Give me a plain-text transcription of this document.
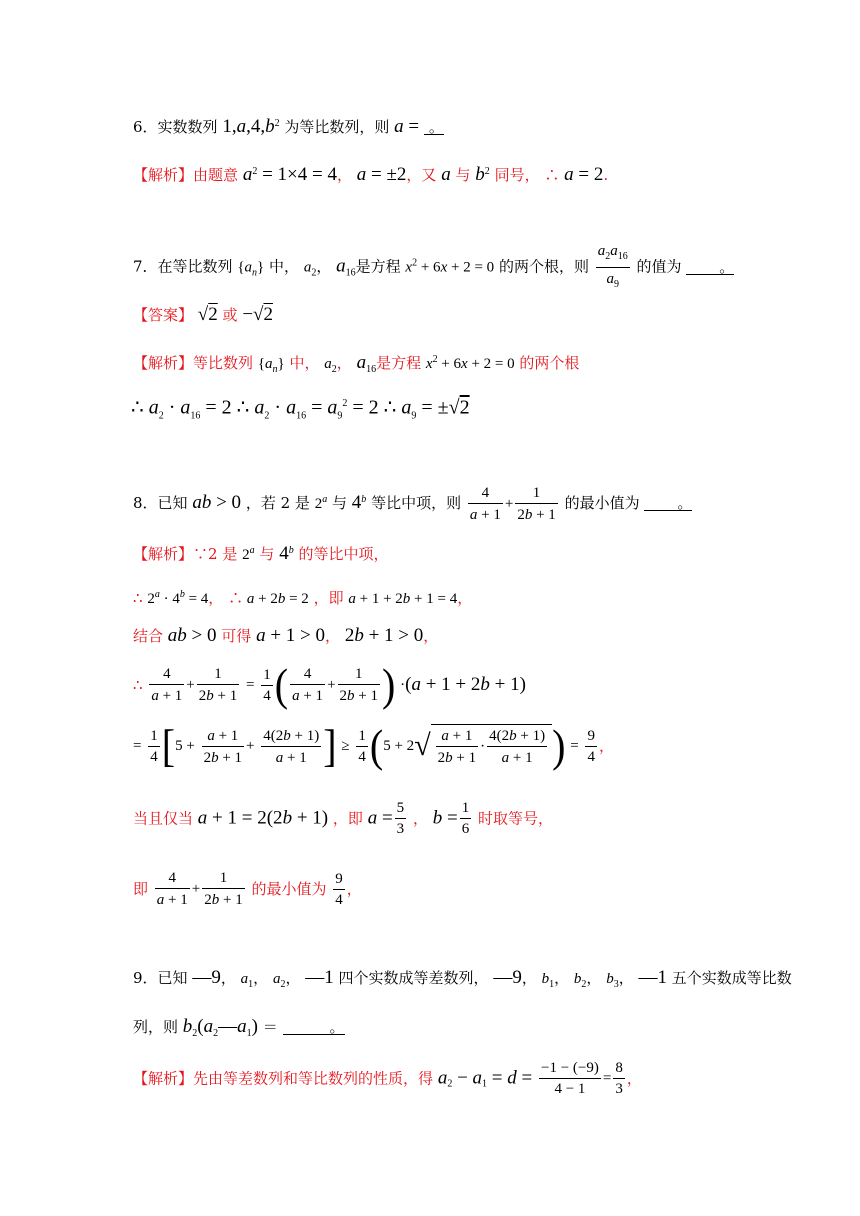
6．实数数列 $1,a,4,b^2$ 为等比数列，则 a = 。
【解析】由题意 $a^2 = 1\times 4 = 4$， a = ±2，又 a 与 $b^2$ 同号， ∴ a = 2.
7．在等比数列 $\{a_n\}$ 中， $a_2$， $a_{16}$是方程 $x^2 + 6x + 2 = 0$ 的两个根，则 $\frac{a_2a_{16}}{a_9}$ 的值为	。
【答案】 √2 或 −√2
【解析】等比数列 $\{a_n\}$ 中， $a_2$， $a_{16}$是方程 $x^2 + 6x + 2 = 0$ 的两个根
∴ $a_2 \cdot a_{16} = 2$ ∴ $a_2 \cdot a_{16} = a_9^2 = 2$ ∴ $a_9 = \pm√2$
8．已知 ab > 0 ，若 2 是 2$^a$ 与 4$^b$ 等比中项，则 $\frac{4}{a + 1} + \frac{1}{2b + 1}$ 的最小值为	。
【解析】∵2 是 2$^a$ 与 4$^b$ 的等比中项，
∴ $2^a \cdot 4^b = 4$， ∴ a + 2b = 2 ，即 a + 1 + 2b + 1 = 4，
结合 ab > 0 可得 a + 1 > 0， 2b + 1 > 0，
∴ $\frac{4}{a + 1} + \frac{1}{2b + 1} = \frac{1}{4}$ ( $\frac{4}{a + 1} + \frac{1}{2b + 1}$ ) ·(a + 1 + 2b + 1)
= $\frac{1}{4} [5 + \frac{a + 1}{2b + 1} + \frac{4(2b + 1)}{a + 1}$ ] ≥ $\frac{1}{4} (5 + 2√ \frac{a + 1}{2b + 1} \cdot \frac{4(2b + 1)}{a + 1}$ ) = $\frac{9}{4}$ ，
当且仅当 a + 1 = 2(2b + 1) ，即 $a = \frac{5}{3}$ ， $b = \frac{1}{6}$ 时取等号，
即 $\frac{4}{a + 1} + \frac{1}{2b + 1}$ 的最小值为 $\frac{9}{4}$ ，
9．已知 —9， $a_1$， $a_2$， —1 四个实数成等差数列， —9， $b_1$， $b_2$， $b_3$， —1 五个实数成等比数
列，则 $b_2(a_2—a_1)$ ＝	。
【解析】先由等差数列和等比数列的性质，得 $a_2 - a_1 = d = \frac{-1 - (-9)}{4 - 1} = \frac{8}{3}$ ，
